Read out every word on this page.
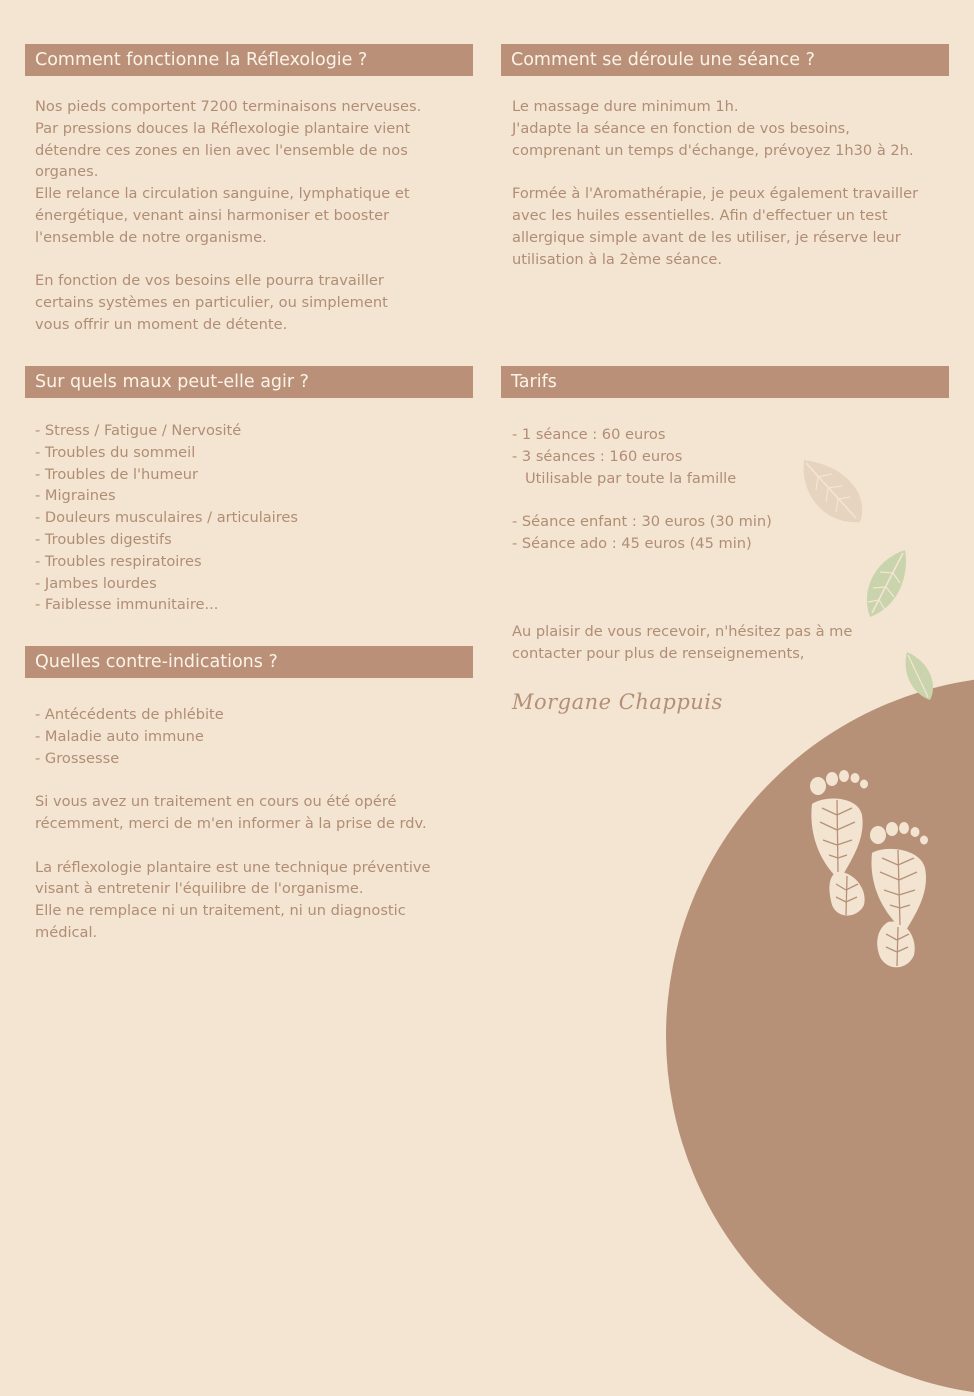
Comment fonctionne la Réflexologie ?
Nos pieds comportent 7200 terminaisons nerveuses.
Par pressions douces la Réflexologie plantaire vient
détendre ces zones en lien avec l'ensemble de nos
organes.
Elle relance la circulation sanguine, lymphatique et
énergétique, venant ainsi harmoniser et booster
l'ensemble de notre organisme.
En fonction de vos besoins elle pourra travailler
certains systèmes en particulier, ou simplement
vous offrir un moment de détente.
Comment se déroule une séance ?
Le massage dure minimum 1h.
J'adapte la séance en fonction de vos besoins,
comprenant un temps d'échange, prévoyez 1h30 à 2h.
Formée à l'Aromathérapie, je peux également travailler
avec les huiles essentielles. Afin d'effectuer un test
allergique simple avant de les utiliser, je réserve leur
utilisation à la 2ème séance.
Sur quels maux peut-elle agir ?
- Stress / Fatigue / Nervosité
- Troubles du sommeil
- Troubles de l'humeur
- Migraines
- Douleurs musculaires / articulaires
- Troubles digestifs
- Troubles respiratoires
- Jambes lourdes
- Faiblesse immunitaire...
Tarifs
- 1 séance : 60 euros
- 3 séances : 160 euros
Utilisable par toute la famille
- Séance enfant : 30 euros (30 min)
- Séance ado : 45 euros (45 min)
Au plaisir de vous recevoir, n'hésitez pas à me
contacter pour plus de renseignements,
Morgane Chappuis
Quelles contre-indications ?
- Antécédents de phlébite
- Maladie auto immune
- Grossesse
Si vous avez un traitement en cours ou été opéré
récemment, merci de m'en informer à la prise de rdv.
La réflexologie plantaire est une technique préventive
visant à entretenir l'équilibre de l'organisme.
Elle ne remplace ni un traitement, ni un diagnostic
médical.
